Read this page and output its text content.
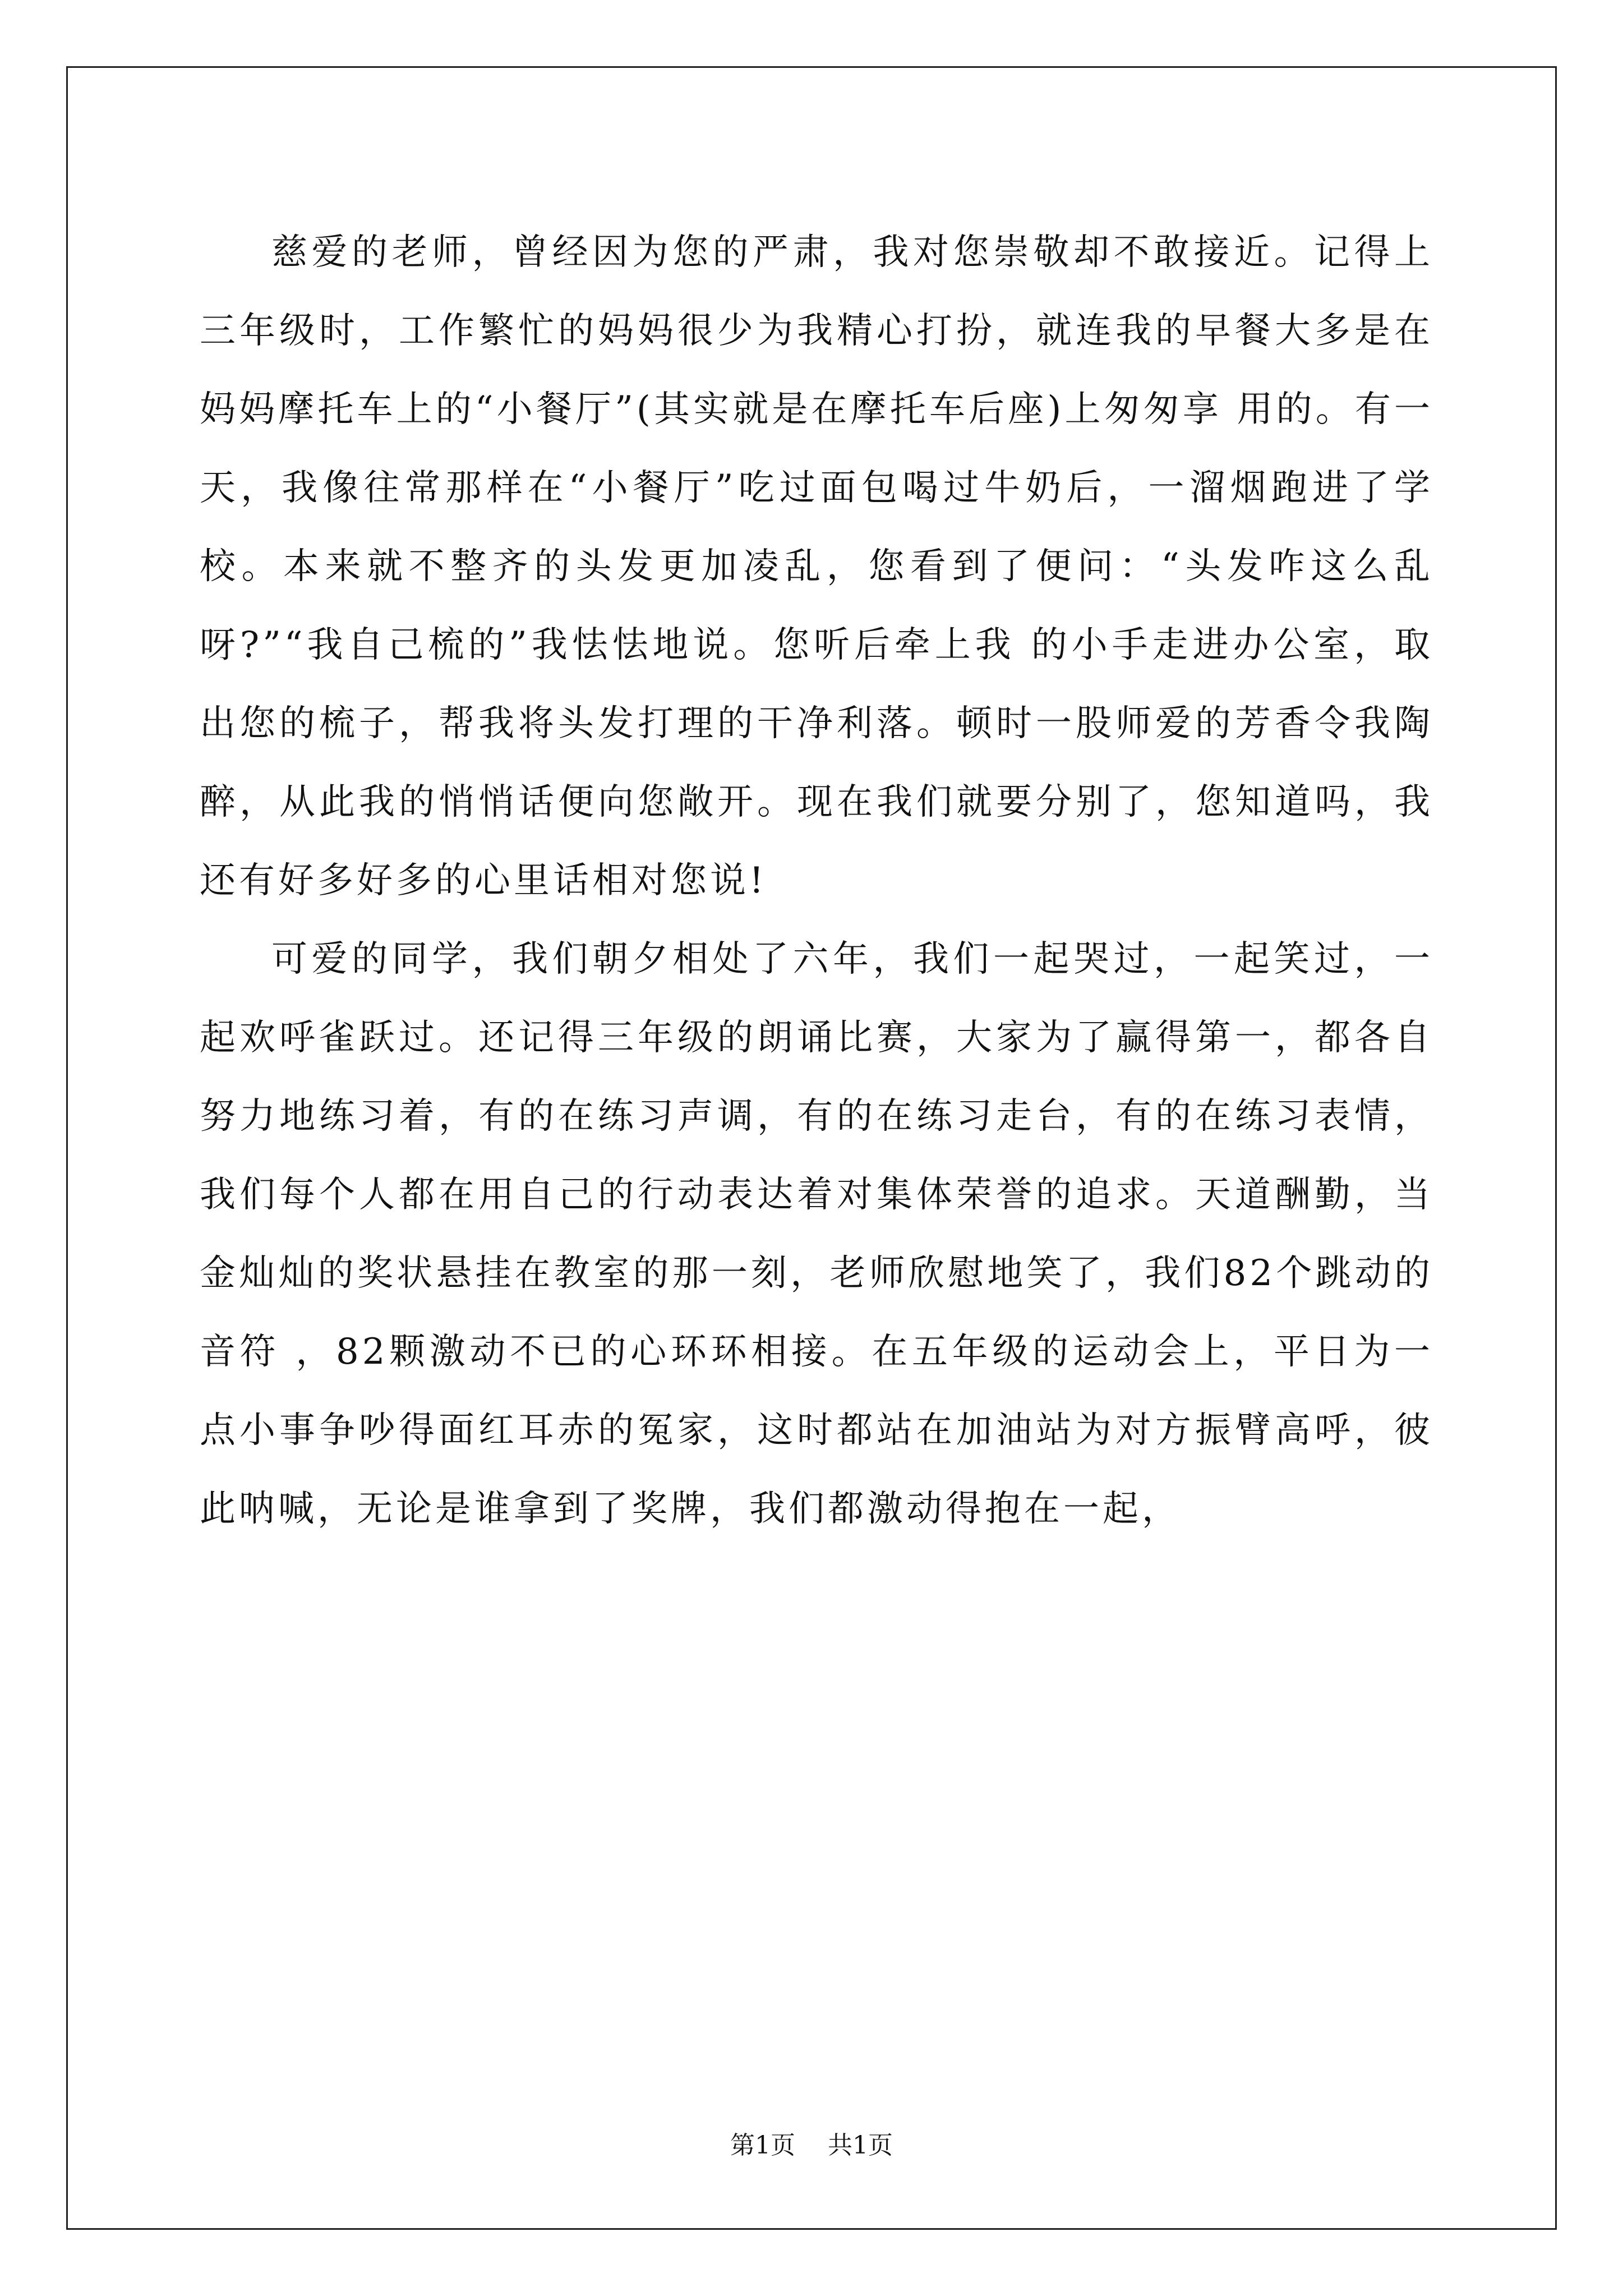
慈爱的老师，曾经因为您的严肃，我对您崇敬却不敢接近。记得上三年级时，工作繁忙的妈妈很少为我精心打扮，就连我的早餐大多是在妈妈摩托车上的“小餐厅”(其实就是在摩托车后座)上匆匆享 用的。有一天，我像往常那样在“小餐厅”吃过面包喝过牛奶后，一溜烟跑进了学校。本来就不整齐的头发更加凌乱，您看到了便问：“头发咋这么乱呀?”“我自己梳的”我怯怯地说。您听后牵上我 的小手走进办公室，取出您的梳子，帮我将头发打理的干净利落。顿时一股师爱的芳香令我陶醉，从此我的悄悄话便向您敞开。现在我们就要分别了，您知道吗，我还有好多好多的心里话相对您说!

可爱的同学，我们朝夕相处了六年，我们一起哭过，一起笑过，一起欢呼雀跃过。还记得三年级的朗诵比赛，大家为了赢得第一，都各自努力地练习着，有的在练习声调，有的在练习走台，有的在练习表情，我们每个人都在用自己的行动表达着对集体荣誉的追求。天道酬勤，当金灿灿的奖状悬挂在教室的那一刻，老师欣慰地笑了，我们82个跳动的音符 ，82颗激动不已的心环环相接。在五年级的运动会上，平日为一点小事争吵得面红耳赤的冤家，这时都站在加油站为对方振臂高呼，彼此呐喊，无论是谁拿到了奖牌，我们都激动得抱在一起，

第1页 共1页
